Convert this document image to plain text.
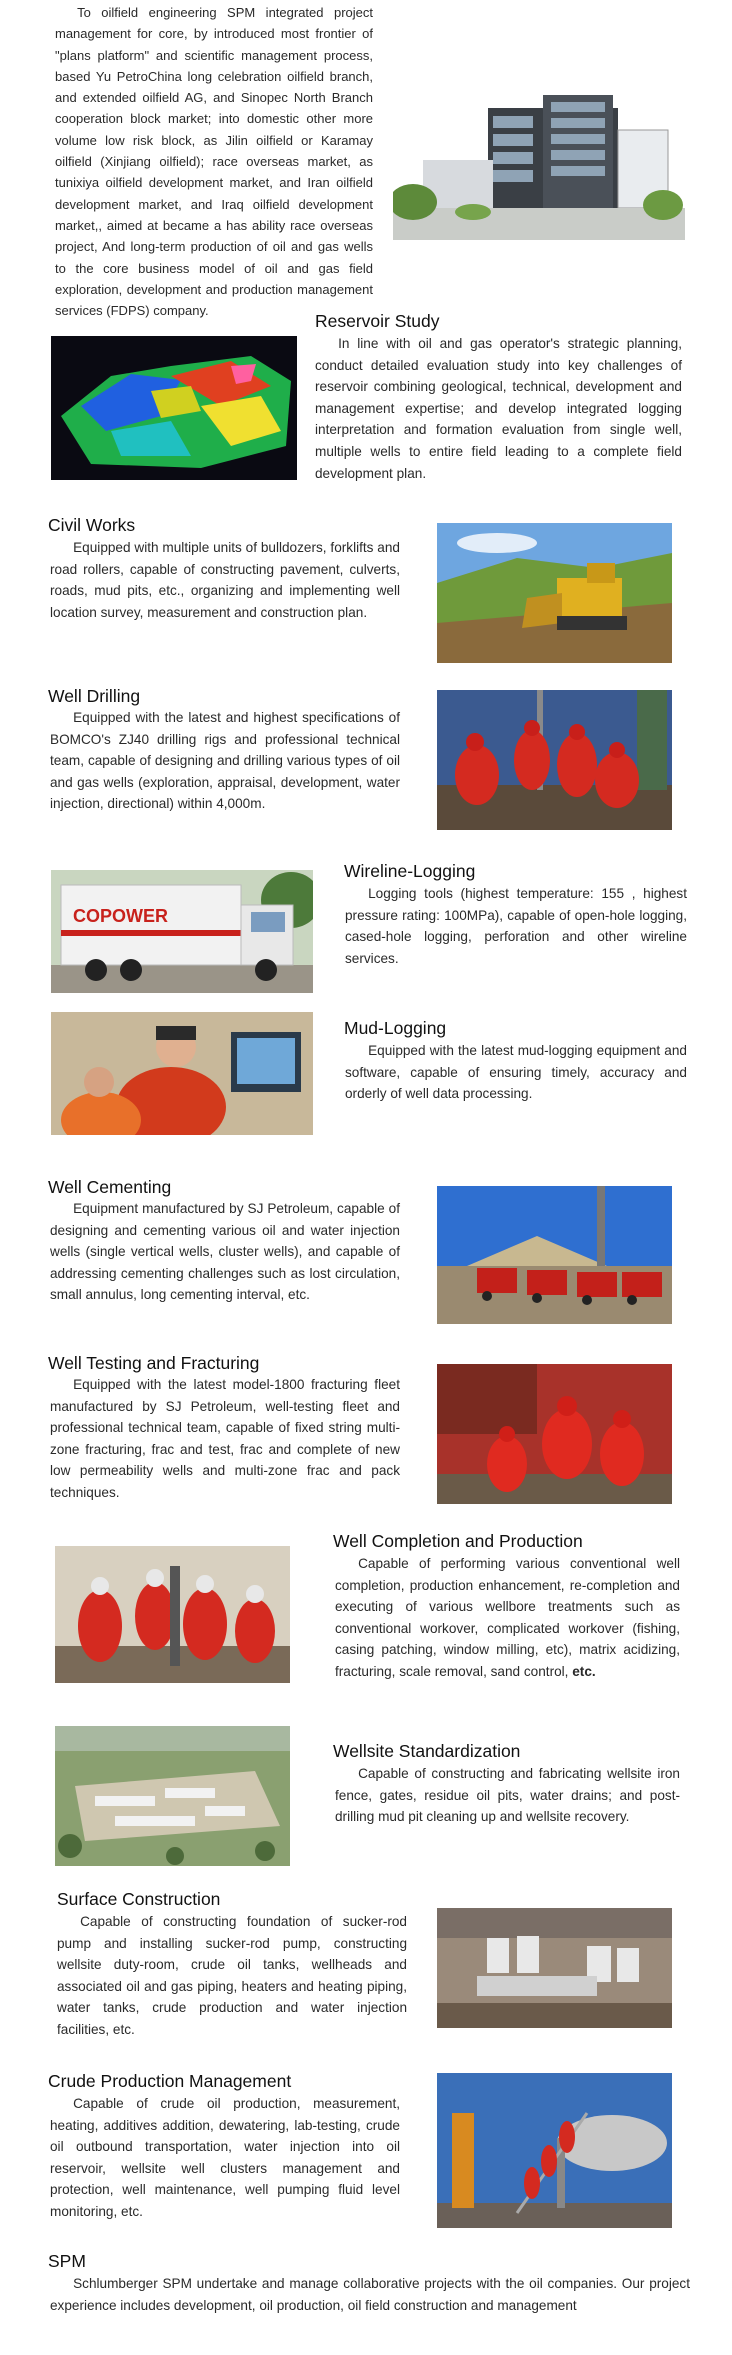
To oilfield engineering SPM integrated project management for core, by introduced most frontier of "plans platform" and scientific management process, based Yu PetroChina long celebration oilfield branch, and extended oilfield AG, and Sinopec North Branch cooperation block market; into domestic other more volume low risk block, as Jilin oilfield or Karamay oilfield (Xinjiang oilfield); race overseas market, as tunixiya oilfield development market, and Iran oilfield development market, and Iraq oilfield development market,, aimed at became a has ability race overseas project, And long-term production of oil and gas wells to the core business model of oil and gas field exploration, development and production management services (FDPS) company.
Reservoir Study
In line with oil and gas operator's strategic planning, conduct detailed evaluation study into key challenges of reservoir combining geological, technical, development and management expertise; and develop integrated logging interpretation and formation evaluation from single well, multiple wells to entire field leading to a complete field development plan.
Civil Works
Equipped with multiple units of bulldozers, forklifts and road rollers, capable of constructing pavement, culverts, roads, mud pits, etc., organizing and implementing well location survey, measurement and construction plan.
Well Drilling
Equipped with the latest and highest specifications of BOMCO's ZJ40 drilling rigs and professional technical team, capable of designing and drilling various types of oil and gas wells (exploration, appraisal, development, water injection, directional) within 4,000m.
COPOWER
Wireline-Logging
Logging tools (highest temperature: 155 , highest pressure rating: 100MPa), capable of open-hole logging, cased-hole logging, perforation and other wireline services.
Mud-Logging
Equipped with the latest mud-logging equipment and software, capable of ensuring timely, accuracy and orderly of well data processing.
Well Cementing
Equipment manufactured by SJ Petroleum, capable of designing and cementing various oil and water injection wells (single vertical wells, cluster wells), and capable of addressing cementing challenges such as lost circulation, small annulus, long cementing interval, etc.
Well Testing and Fracturing
Equipped with the latest model-1800 fracturing fleet manufactured by SJ Petroleum, well-testing fleet and professional technical team, capable of fixed string multi-zone fracturing, frac and test, frac and complete of new low permeability wells and multi-zone frac and pack techniques.
Well Completion and Production
Capable of performing various conventional well completion, production enhancement, re-completion and executing of various wellbore treatments such as conventional workover, complicated workover (fishing, casing patching, window milling, etc), matrix acidizing, fracturing, scale removal, sand control, etc.
Wellsite Standardization
Capable of constructing and fabricating wellsite iron fence, gates, residue oil pits, water drains; and post-drilling mud pit cleaning up and wellsite recovery.
Surface Construction
Capable of constructing foundation of sucker-rod pump and installing sucker-rod pump, constructing wellsite duty-room, crude oil tanks, wellheads and associated oil and gas piping, heaters and heating piping, water tanks, crude production and water injection facilities, etc.
Crude Production Management
Capable of crude oil production, measurement, heating, additives addition, dewatering, lab-testing, crude oil outbound transportation, water injection into oil reservoir, wellsite well clusters management and protection, well maintenance, well pumping fluid level monitoring, etc.
SPM
Schlumberger SPM undertake and manage collaborative projects with the oil companies. Our project experience includes development, oil production, oil field construction and management
